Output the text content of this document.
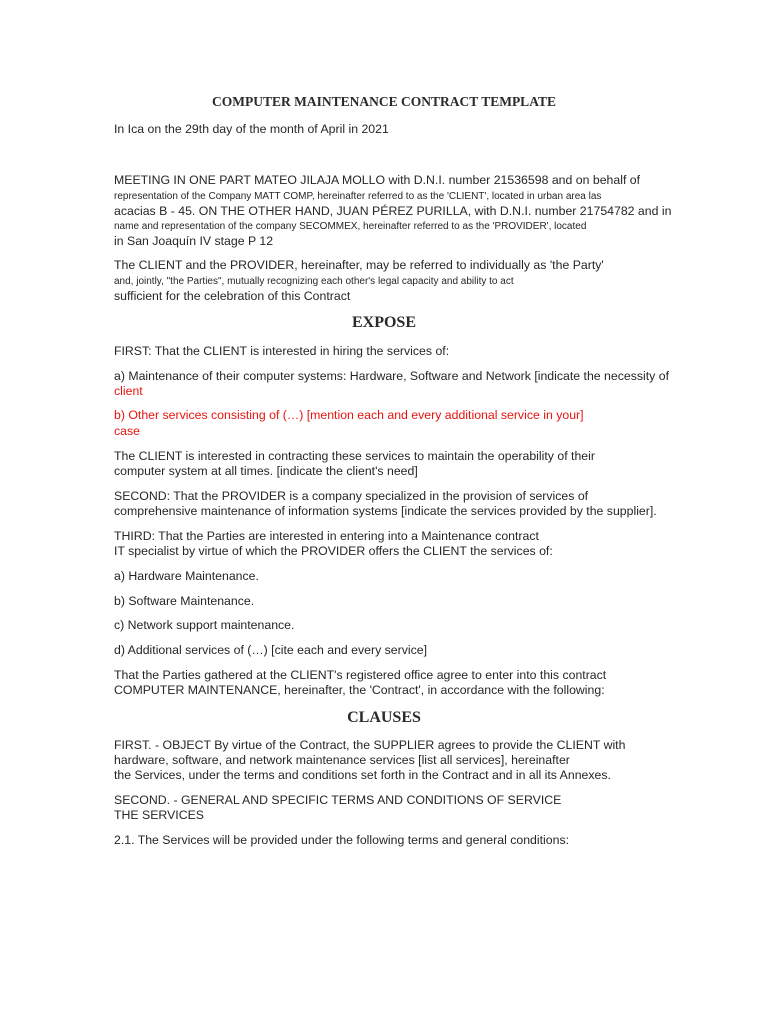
COMPUTER MAINTENANCE CONTRACT TEMPLATE
In Ica on the 29th day of the month of April in 2021
MEETING IN ONE PART MATEO JILAJA MOLLO with D.N.I. number 21536598 and on behalf of
representation of the Company MATT COMP, hereinafter referred to as the 'CLIENT', located in urban area las
acacias B - 45. ON THE OTHER HAND, JUAN PÉREZ PURILLA, with D.N.I. number 21754782 and in
name and representation of the company SECOMMEX, hereinafter referred to as the 'PROVIDER', located
in San Joaquín IV stage P 12
The CLIENT and the PROVIDER, hereinafter, may be referred to individually as 'the Party'
and, jointly, "the Parties", mutually recognizing each other's legal capacity and ability to act
sufficient for the celebration of this Contract
EXPOSE
FIRST: That the CLIENT is interested in hiring the services of:
a) Maintenance of their computer systems: Hardware, Software and Network [indicate the necessity of
client
b) Other services consisting of (…) [mention each and every additional service in your]
case
The CLIENT is interested in contracting these services to maintain the operability of their
computer system at all times. [indicate the client's need]
SECOND: That the PROVIDER is a company specialized in the provision of services of
comprehensive maintenance of information systems [indicate the services provided by the supplier].
THIRD: That the Parties are interested in entering into a Maintenance contract
IT specialist by virtue of which the PROVIDER offers the CLIENT the services of:
a) Hardware Maintenance.
b) Software Maintenance.
c) Network support maintenance.
d) Additional services of (…) [cite each and every service]
That the Parties gathered at the CLIENT's registered office agree to enter into this contract
COMPUTER MAINTENANCE, hereinafter, the 'Contract', in accordance with the following:
CLAUSES
FIRST. - OBJECT By virtue of the Contract, the SUPPLIER agrees to provide the CLIENT with
hardware, software, and network maintenance services [list all services], hereinafter
the Services, under the terms and conditions set forth in the Contract and in all its Annexes.
SECOND. - GENERAL AND SPECIFIC TERMS AND CONDITIONS OF SERVICE
THE SERVICES
2.1. The Services will be provided under the following terms and general conditions:
